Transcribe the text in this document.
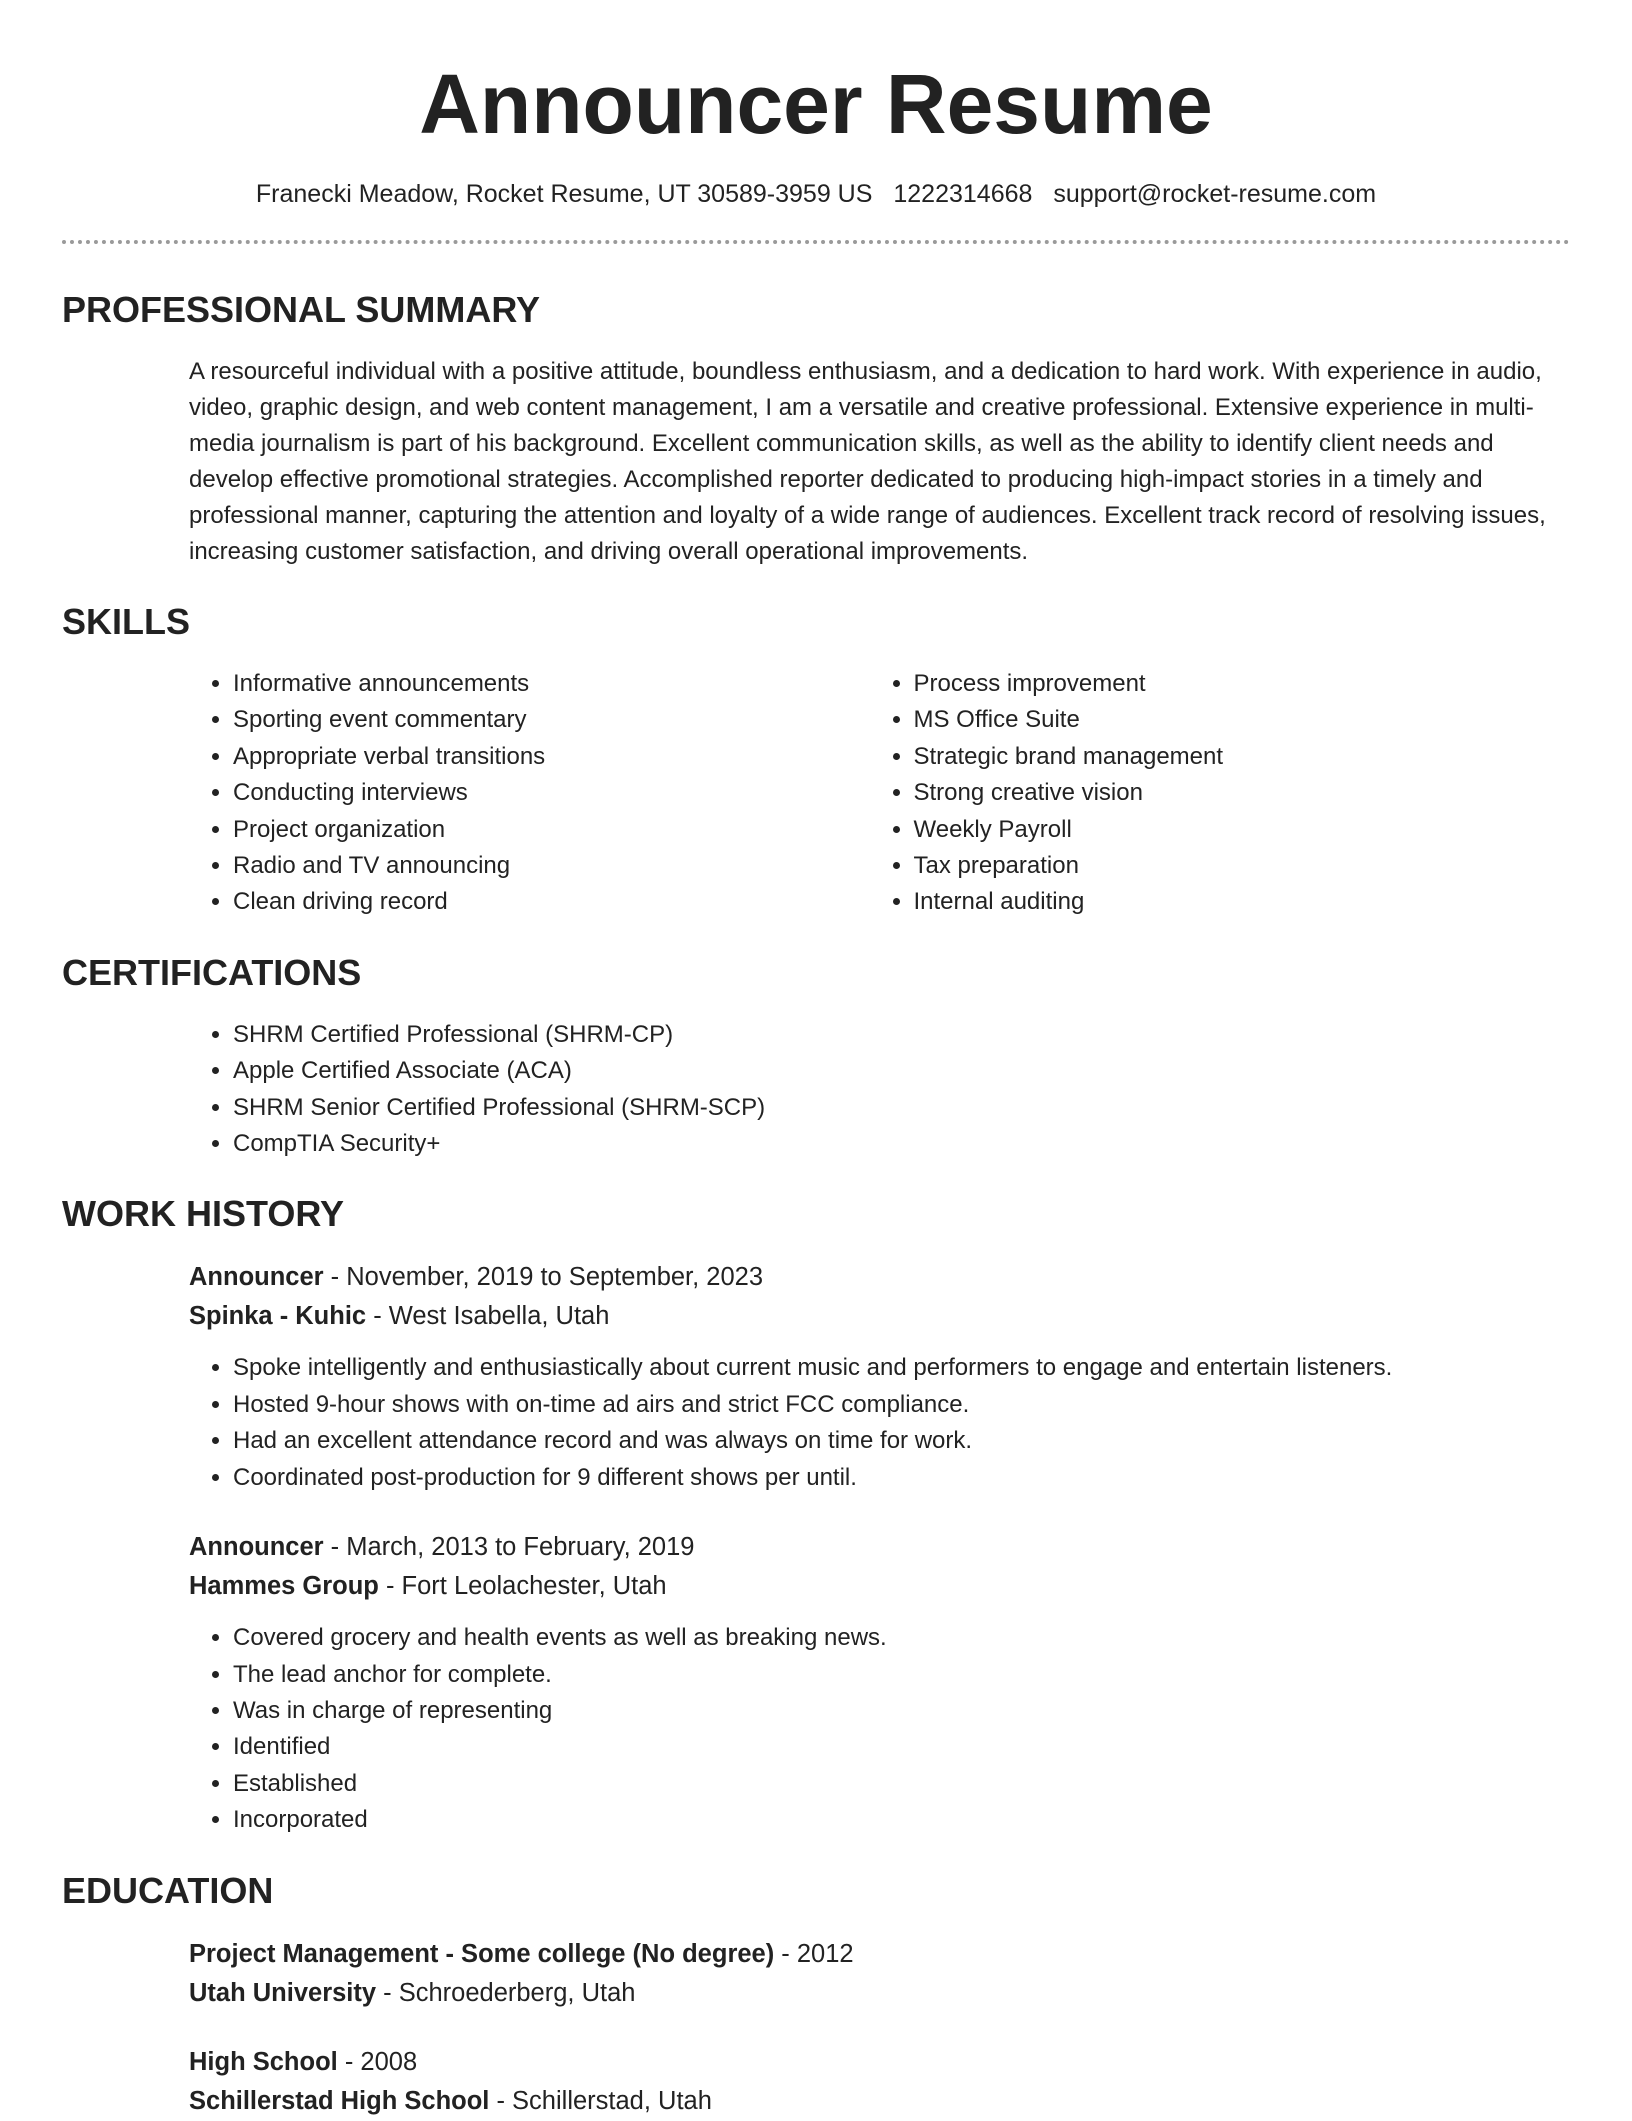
Announcer Resume
Franecki Meadow, Rocket Resume, UT 30589-3959 US 1222314668 support@rocket-resume.com
PROFESSIONAL SUMMARY
A resourceful individual with a positive attitude, boundless enthusiasm, and a dedication to hard work. With experience in audio, video, graphic design, and web content management, I am a versatile and creative professional. Extensive experience in multi-media journalism is part of his background. Excellent communication skills, as well as the ability to identify client needs and develop effective promotional strategies. Accomplished reporter dedicated to producing high-impact stories in a timely and professional manner, capturing the attention and loyalty of a wide range of audiences. Excellent track record of resolving issues, increasing customer satisfaction, and driving overall operational improvements.
SKILLS
• Informative announcements
• Sporting event commentary
• Appropriate verbal transitions
• Conducting interviews
• Project organization
• Radio and TV announcing
• Clean driving record
• Process improvement
• MS Office Suite
• Strategic brand management
• Strong creative vision
• Weekly Payroll
• Tax preparation
• Internal auditing
CERTIFICATIONS
• SHRM Certified Professional (SHRM-CP)
• Apple Certified Associate (ACA)
• SHRM Senior Certified Professional (SHRM-SCP)
• CompTIA Security+
WORK HISTORY
Announcer - November, 2019 to September, 2023
Spinka - Kuhic - West Isabella, Utah
• Spoke intelligently and enthusiastically about current music and performers to engage and entertain listeners.
• Hosted 9-hour shows with on-time ad airs and strict FCC compliance.
• Had an excellent attendance record and was always on time for work.
• Coordinated post-production for 9 different shows per until.
Announcer - March, 2013 to February, 2019
Hammes Group - Fort Leolachester, Utah
• Covered grocery and health events as well as breaking news.
• The lead anchor for complete.
• Was in charge of representing
• Identified
• Established
• Incorporated
EDUCATION
Project Management - Some college (No degree) - 2012
Utah University - Schroederberg, Utah
High School - 2008
Schillerstad High School - Schillerstad, Utah
